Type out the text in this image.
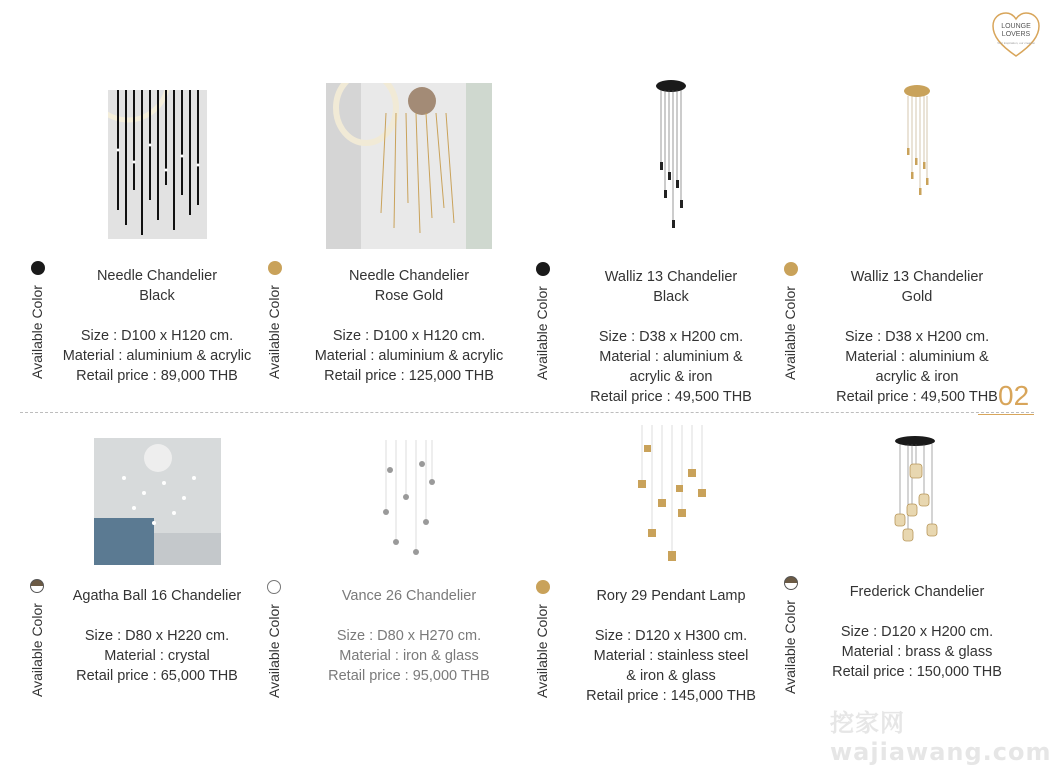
LOUNGE LOVERS
Your inspiration, our creation
Available Color	Available Color	Available Color	Available Color
Available Color	Available Color	Available Color	Available Color
Needle Chandelier
Black
Size : D100 x H120 cm.
Material : aluminium & acrylic
Retail price : 89,000 THB
Needle Chandelier
Rose Gold
Size : D100 x H120 cm.
Material : aluminium & acrylic
Retail price : 125,000 THB
Walliz 13 Chandelier
Black
Size : D38 x H200 cm.
Material : aluminium &
acrylic & iron
Retail price : 49,500 THB
Walliz 13 Chandelier
Gold
Size : D38 x H200 cm.
Material : aluminium &
acrylic & iron
Retail price : 49,500 THB 02
Agatha Ball 16 Chandelier
Size : D80 x H220 cm.
Material : crystal
Retail price : 65,000 THB
Vance 26 Chandelier
Size : D80 x H270 cm.
Material : iron & glass
Retail price : 95,000 THB
Rory 29 Pendant Lamp
Size : D120 x H300 cm.
Material : stainless steel
& iron & glass
Retail price : 145,000 THB
Frederick Chandelier
Size : D120 x H200 cm.
Material : brass & glass
Retail price : 150,000 THB
挖家网 wajiawang.com
